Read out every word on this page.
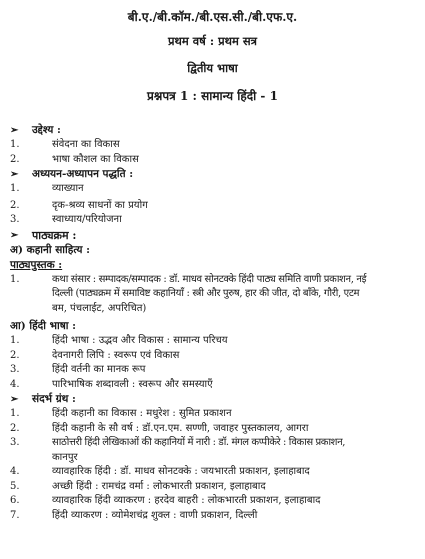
बी.ए./बी.कॉम./बी.एस.सी./बी.एफ.ए.
प्रथम वर्ष : प्रथम सत्र
द्वितीय भाषा
प्रश्नपत्र 1 : सामान्य हिंदी - 1
➢	उद्देश्य :
1.	संवेदना का विकास
2.	भाषा कौशल का विकास
➢	अध्ययन-अध्यापन पद्धति :
1.	व्याख्यान
2.	दृक-श्रव्य साधनों का प्रयोग
3.	स्वाध्याय/परियोजना
➢	पाठ्यक्रम :
अ) कहानी साहित्य :
पाठ्यपुस्तक :
1.	कथा संसार : सम्पादक/सम्पादक : डॉ. माधव सोनटक्के हिंदी पाठ्य समिति वाणी प्रकाशन, नई
दिल्ली (पाठ्यक्रम में समाविष्ट कहानियाँ : स्त्री और पुरुष, हार की जीत, दो बाँके, गौरी, एटम
बम, पंचलाईट, अपरिचित)
आ) हिंदी भाषा :
1.	हिंदी भाषा : उद्भव और विकास : सामान्य परिचय
2.	देवनागरी लिपि : स्वरूप एवं विकास
3.	हिंदी वर्तनी का मानक रूप
4.	पारिभाषिक शब्दावली : स्वरूप और समस्याएँ
➢	संदर्भ ग्रंथ :
1.	हिंदी कहानी का विकास : मधुरेश : सुमित प्रकाशन
2.	हिंदी कहानी के सौ वर्ष : डॉ.एन.एम. सण्णी, जवाहर पुस्तकालय, आगरा
3.	साठोत्तरी हिंदी लेखिकाओं की कहानियों में नारी : डॉ. मंगल कप्पीकेरे : विकास प्रकाशन,
कानपुर
4.	व्यावहारिक हिंदी : डॉ. माधव सोनटक्के : जयभारती प्रकाशन, इलाहाबाद
5.	अच्छी हिंदी : रामचंद्र वर्मा : लोकभारती प्रकाशन, इलाहाबाद
6.	व्यावहारिक हिंदी व्याकरण : हरदेव बाहरी : लोकभारती प्रकाशन, इलाहाबाद
7.	हिंदी व्याकरण : व्योमेशचंद्र शुक्ल : वाणी प्रकाशन, दिल्ली
